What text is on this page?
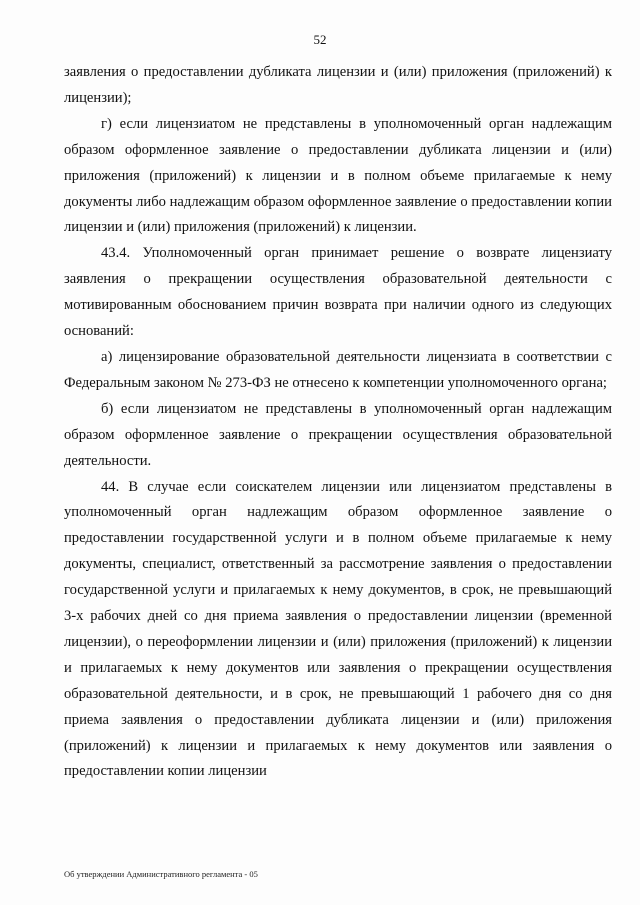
52

заявления о предоставлении дубликата лицензии и (или) приложения (приложений) к лицензии);

г) если лицензиатом не представлены в уполномоченный орган надлежащим образом оформленное заявление о предоставлении дубликата лицензии и (или) приложения (приложений) к лицензии и в полном объеме прилагаемые к нему документы либо надлежащим образом оформленное заявление о предоставлении копии лицензии и (или) приложения (приложений) к лицензии.

43.4. Уполномоченный орган принимает решение о возврате лицензиату заявления о прекращении осуществления образовательной деятельности с мотивированным обоснованием причин возврата при наличии одного из следующих оснований:

а) лицензирование образовательной деятельности лицензиата в соответствии с Федеральным законом № 273-ФЗ не отнесено к компетенции уполномоченного органа;

б) если лицензиатом не представлены в уполномоченный орган надлежащим образом оформленное заявление о прекращении осуществления образовательной деятельности.

44. В случае если соискателем лицензии или лицензиатом представлены в уполномоченный орган надлежащим образом оформленное заявление о предоставлении государственной услуги и в полном объеме прилагаемые к нему документы, специалист, ответственный за рассмотрение заявления о предоставлении государственной услуги и прилагаемых к нему документов, в срок, не превышающий 3-х рабочих дней со дня приема заявления о предоставлении лицензии (временной лицензии), о переоформлении лицензии и (или) приложения (приложений) к лицензии и прилагаемых к нему документов или заявления о прекращении осуществления образовательной деятельности, и в срок, не превышающий 1 рабочего дня со дня приема заявления о предоставлении дубликата лицензии и (или) приложения (приложений) к лицензии и прилагаемых к нему документов или заявления о предоставлении копии лицензии

Об утверждении Административного регламента - 05
